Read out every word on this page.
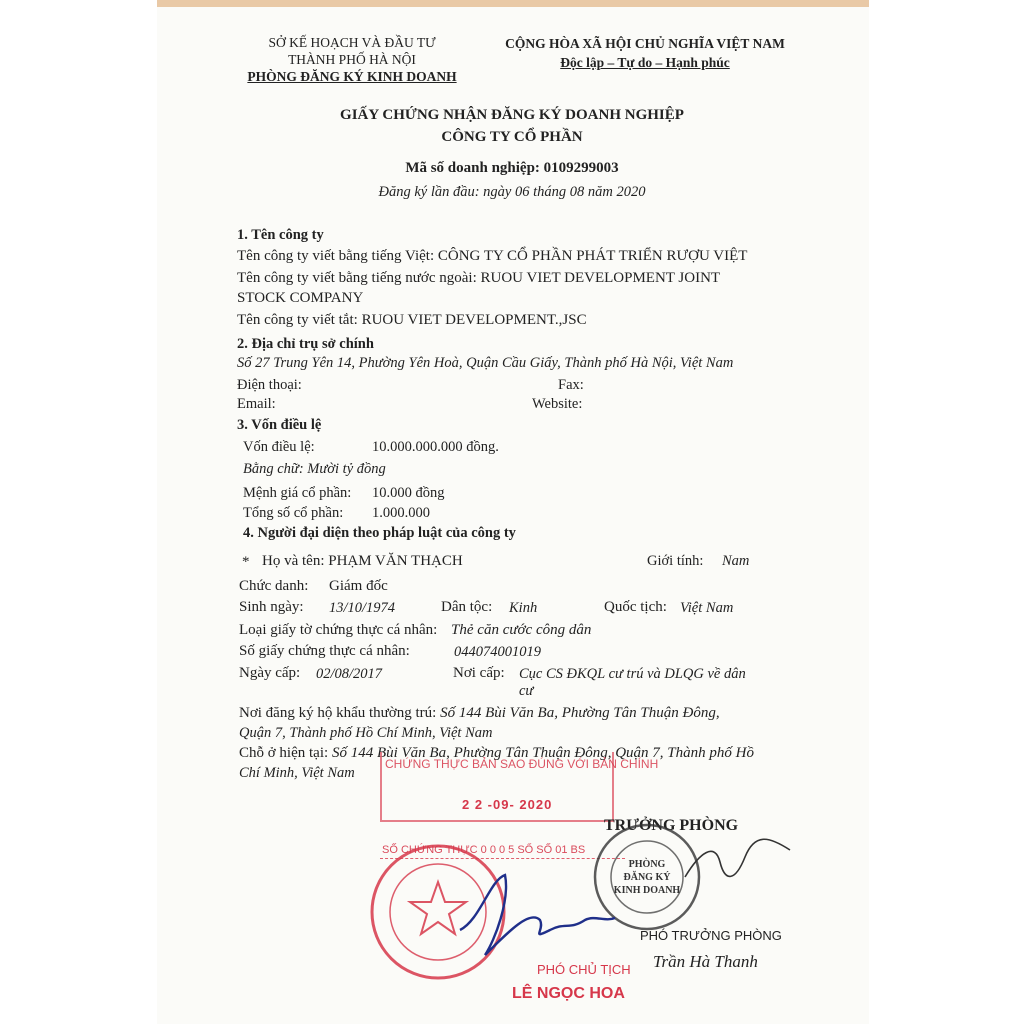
SỞ KẾ HOẠCH VÀ ĐẦU TƯ
THÀNH PHỐ HÀ NỘI
PHÒNG ĐĂNG KÝ KINH DOANH
CỘNG HÒA XÃ HỘI CHỦ NGHĨA VIỆT NAM
Độc lập – Tự do – Hạnh phúc
GIẤY CHỨNG NHẬN ĐĂNG KÝ DOANH NGHIỆP
CÔNG TY CỔ PHẦN
Mã số doanh nghiệp: 0109299003
Đăng ký lần đầu: ngày 06 tháng 08 năm 2020
1. Tên công ty
Tên công ty viết bằng tiếng Việt: CÔNG TY CỔ PHẦN PHÁT TRIỂN RƯỢU VIỆT
Tên công ty viết bằng tiếng nước ngoài: RUOU VIET DEVELOPMENT JOINT
STOCK COMPANY
Tên công ty viết tắt: RUOU VIET DEVELOPMENT.,JSC
2. Địa chỉ trụ sở chính
Số 27 Trung Yên 14, Phường Yên Hoà, Quận Cầu Giấy, Thành phố Hà Nội, Việt Nam
Điện thoại:	Fax:
Email:	Website:
3. Vốn điều lệ
Vốn điều lệ:	10.000.000.000 đồng.
Bằng chữ: Mười tỷ đồng
Mệnh giá cổ phần: 10.000 đồng
Tổng số cổ phần: 1.000.000
4. Người đại diện theo pháp luật của công ty
* Họ và tên: PHẠM VĂN THẠCH	Giới tính: Nam
Chức danh: Giám đốc
Sinh ngày: 13/10/1974	Dân tộc: Kinh	Quốc tịch: Việt Nam
Loại giấy tờ chứng thực cá nhân: Thẻ căn cước công dân
Số giấy chứng thực cá nhân:	044074001019
Ngày cấp: 02/08/2017	Nơi cấp: Cục CS ĐKQL cư trú và DLQG về dân
cư
Nơi đăng ký hộ khẩu thường trú: Số 144 Bùi Văn Ba, Phường Tân Thuận Đông,
Quận 7, Thành phố Hồ Chí Minh, Việt Nam
Chỗ ở hiện tại: Số 144 Bùi Văn Ba, Phường Tân Thuận Đông, Quận 7, Thành phố Hồ
Chí Minh, Việt Nam
CHỨNG THỰC BẢN SAO ĐÚNG VỚI BẢN CHÍNH
2 2 -09- 2020
SỐ CHỨNG THỰC 0 0 0 5 SỔ SỐ 01 BS
TRƯỞNG PHÒNG
PHÒNG
ĐĂNG KÝ
KINH DOANH
PHÓ TRƯỞNG PHÒNG
Trần Hà Thanh
PHÓ CHỦ TỊCH
LÊ NGỌC HOA
